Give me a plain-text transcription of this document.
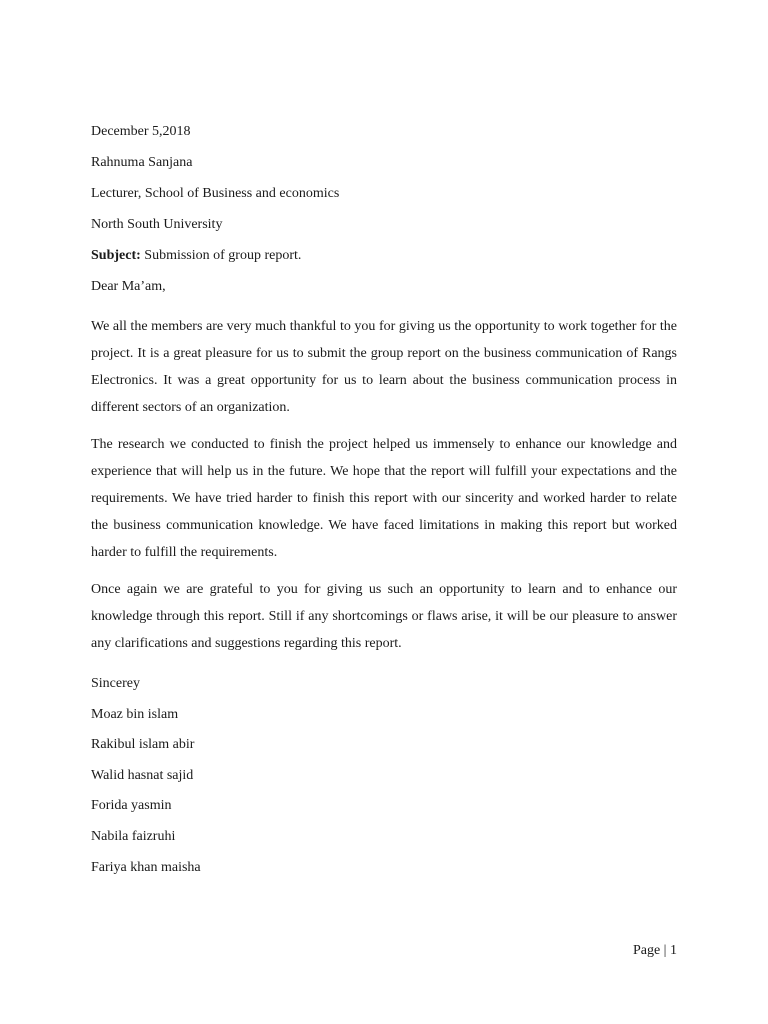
December 5,2018
Rahnuma Sanjana
Lecturer, School of Business and economics
North South University
Subject: Submission of group report.
Dear Ma’am,

We all the members are very much thankful to you for giving us the opportunity to work together for the project. It is a great pleasure for us to submit the group report on the business communication of Rangs Electronics. It was a great opportunity for us to learn about the business communication process in different sectors of an organization.

The research we conducted to finish the project helped us immensely to enhance our knowledge and experience that will help us in the future. We hope that the report will fulfill your expectations and the requirements. We have tried harder to finish this report with our sincerity and worked harder to relate the business communication knowledge. We have faced limitations in making this report but worked harder to fulfill the requirements.

Once again we are grateful to you for giving us such an opportunity to learn and to enhance our knowledge through this report. Still if any shortcomings or flaws arise, it will be our pleasure to answer any clarifications and suggestions regarding this report.

Sincerey
Moaz bin islam
Rakibul islam abir
Walid hasnat sajid
Forida yasmin
Nabila faizruhi
Fariya khan maisha
Page | 1
